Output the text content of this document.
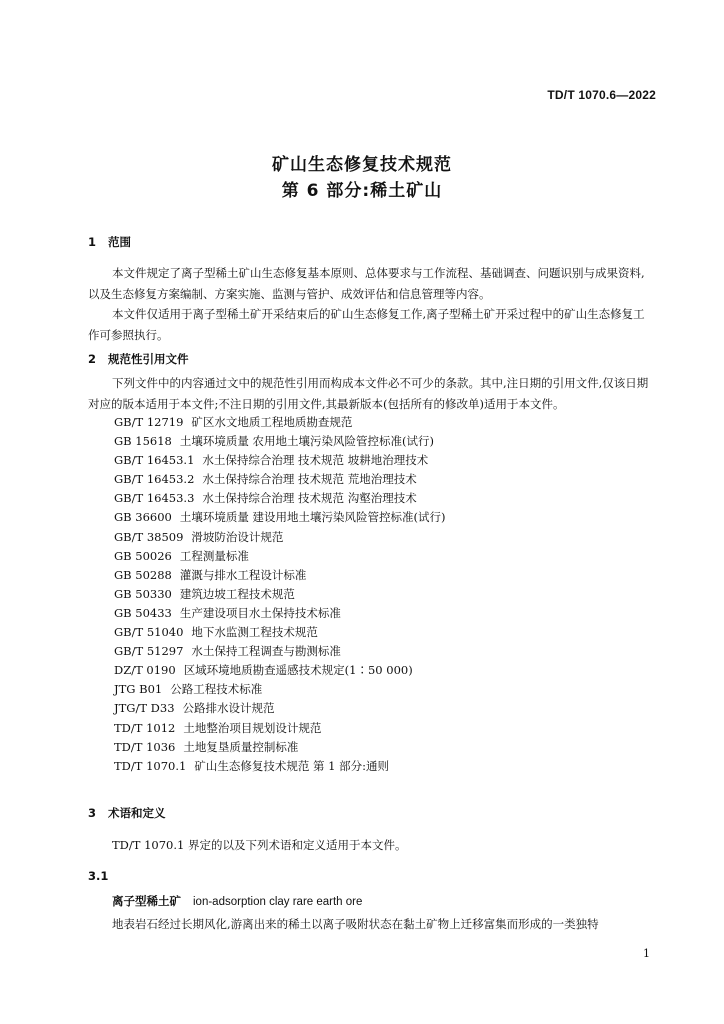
TD/T 1070.6—2022
矿山生态修复技术规范
第 6 部分:稀土矿山
1 范围
本文件规定了离子型稀土矿山生态修复基本原则、总体要求与工作流程、基础调查、问题识别与成果资料,以及生态修复方案编制、方案实施、监测与管护、成效评估和信息管理等内容。
本文件仅适用于离子型稀土矿开采结束后的矿山生态修复工作,离子型稀土矿开采过程中的矿山生态修复工作可参照执行。
2 规范性引用文件
下列文件中的内容通过文中的规范性引用而构成本文件必不可少的条款。其中,注日期的引用文件,仅该日期对应的版本适用于本文件;不注日期的引用文件,其最新版本(包括所有的修改单)适用于本文件。
GB/T 12719 矿区水文地质工程地质勘查规范
GB 15618 土壤环境质量 农用地土壤污染风险管控标准(试行)
GB/T 16453.1 水土保持综合治理 技术规范 坡耕地治理技术
GB/T 16453.2 水土保持综合治理 技术规范 荒地治理技术
GB/T 16453.3 水土保持综合治理 技术规范 沟壑治理技术
GB 36600 土壤环境质量 建设用地土壤污染风险管控标准(试行)
GB/T 38509 滑坡防治设计规范
GB 50026 工程测量标准
GB 50288 灌溉与排水工程设计标准
GB 50330 建筑边坡工程技术规范
GB 50433 生产建设项目水土保持技术标准
GB/T 51040 地下水监测工程技术规范
GB/T 51297 水土保持工程调查与勘测标准
DZ/T 0190 区域环境地质勘查遥感技术规定(1∶50 000)
JTG B01 公路工程技术标准
JTG/T D33 公路排水设计规范
TD/T 1012 土地整治项目规划设计规范
TD/T 1036 土地复垦质量控制标准
TD/T 1070.1 矿山生态修复技术规范 第 1 部分:通则
3 术语和定义
TD/T 1070.1 界定的以及下列术语和定义适用于本文件。
3.1
离子型稀土矿 ion-adsorption clay rare earth ore
地表岩石经过长期风化,游离出来的稀土以离子吸附状态在黏土矿物上迁移富集而形成的一类独特
1
